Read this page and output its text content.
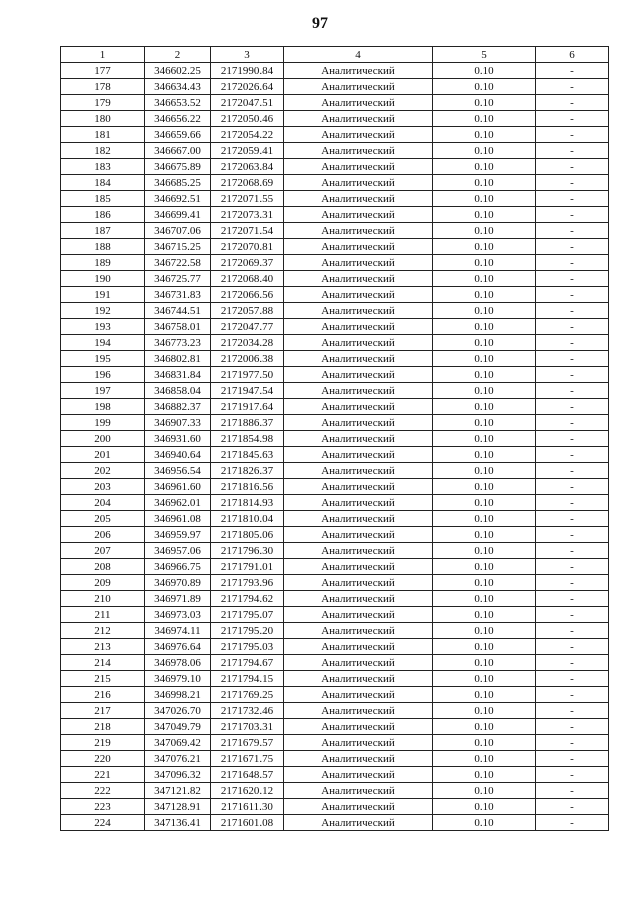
97
1	2	3	4	5	6
177	346602.25	2171990.84	Аналитический	0.10	-
178	346634.43	2172026.64	Аналитический	0.10	-
179	346653.52	2172047.51	Аналитический	0.10	-
180	346656.22	2172050.46	Аналитический	0.10	-
181	346659.66	2172054.22	Аналитический	0.10	-
182	346667.00	2172059.41	Аналитический	0.10	-
183	346675.89	2172063.84	Аналитический	0.10	-
184	346685.25	2172068.69	Аналитический	0.10	-
185	346692.51	2172071.55	Аналитический	0.10	-
186	346699.41	2172073.31	Аналитический	0.10	-
187	346707.06	2172071.54	Аналитический	0.10	-
188	346715.25	2172070.81	Аналитический	0.10	-
189	346722.58	2172069.37	Аналитический	0.10	-
190	346725.77	2172068.40	Аналитический	0.10	-
191	346731.83	2172066.56	Аналитический	0.10	-
192	346744.51	2172057.88	Аналитический	0.10	-
193	346758.01	2172047.77	Аналитический	0.10	-
194	346773.23	2172034.28	Аналитический	0.10	-
195	346802.81	2172006.38	Аналитический	0.10	-
196	346831.84	2171977.50	Аналитический	0.10	-
197	346858.04	2171947.54	Аналитический	0.10	-
198	346882.37	2171917.64	Аналитический	0.10	-
199	346907.33	2171886.37	Аналитический	0.10	-
200	346931.60	2171854.98	Аналитический	0.10	-
201	346940.64	2171845.63	Аналитический	0.10	-
202	346956.54	2171826.37	Аналитический	0.10	-
203	346961.60	2171816.56	Аналитический	0.10	-
204	346962.01	2171814.93	Аналитический	0.10	-
205	346961.08	2171810.04	Аналитический	0.10	-
206	346959.97	2171805.06	Аналитический	0.10	-
207	346957.06	2171796.30	Аналитический	0.10	-
208	346966.75	2171791.01	Аналитический	0.10	-
209	346970.89	2171793.96	Аналитический	0.10	-
210	346971.89	2171794.62	Аналитический	0.10	-
211	346973.03	2171795.07	Аналитический	0.10	-
212	346974.11	2171795.20	Аналитический	0.10	-
213	346976.64	2171795.03	Аналитический	0.10	-
214	346978.06	2171794.67	Аналитический	0.10	-
215	346979.10	2171794.15	Аналитический	0.10	-
216	346998.21	2171769.25	Аналитический	0.10	-
217	347026.70	2171732.46	Аналитический	0.10	-
218	347049.79	2171703.31	Аналитический	0.10	-
219	347069.42	2171679.57	Аналитический	0.10	-
220	347076.21	2171671.75	Аналитический	0.10	-
221	347096.32	2171648.57	Аналитический	0.10	-
222	347121.82	2171620.12	Аналитический	0.10	-
223	347128.91	2171611.30	Аналитический	0.10	-
224	347136.41	2171601.08	Аналитический	0.10	-
